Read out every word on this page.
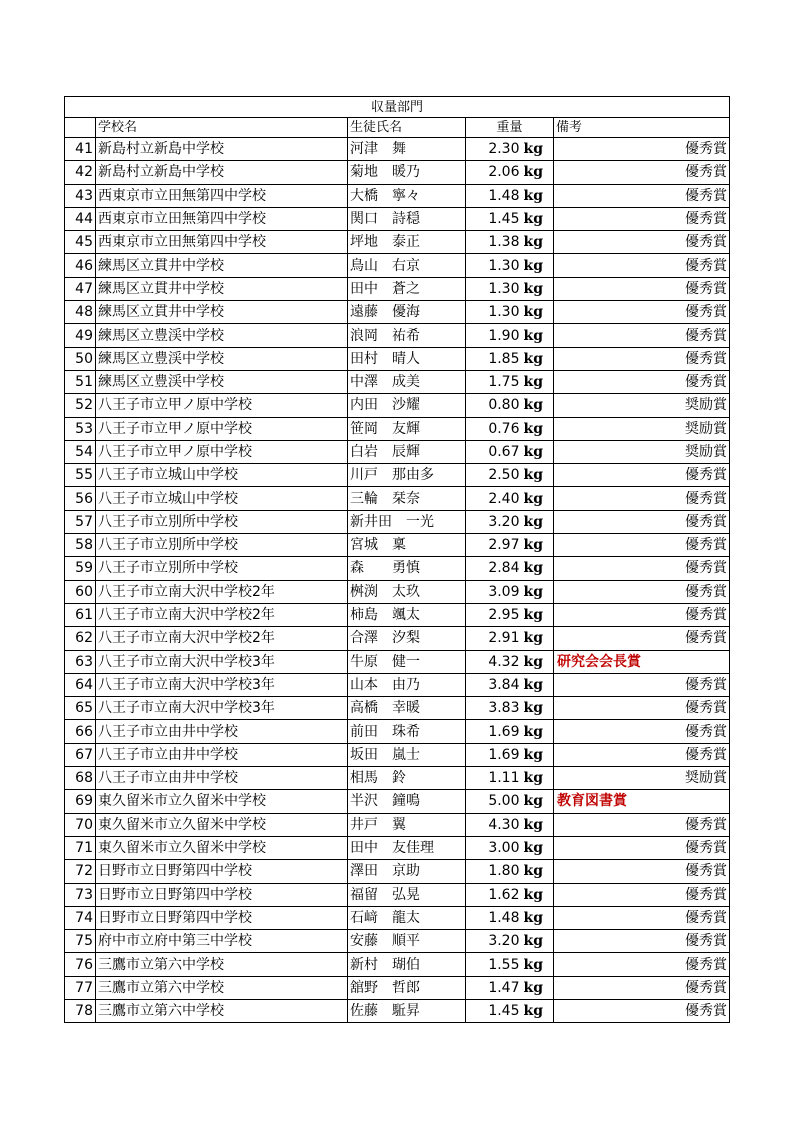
収量部門					
	学校名	生徒氏名	重量		備考
41	新島村立新島中学校	河津　舞	2.30	kg	優秀賞
42	新島村立新島中学校	菊地　暖乃	2.06	kg	優秀賞
43	西東京市立田無第四中学校	大橋　寧々	1.48	kg	優秀賞
44	西東京市立田無第四中学校	関口　詩穏	1.45	kg	優秀賞
45	西東京市立田無第四中学校	坪地　泰正	1.38	kg	優秀賞
46	練馬区立貫井中学校	鳥山　右京	1.30	kg	優秀賞
47	練馬区立貫井中学校	田中　蒼之	1.30	kg	優秀賞
48	練馬区立貫井中学校	遠藤　優海	1.30	kg	優秀賞
49	練馬区立豊渓中学校	浪岡　祐希	1.90	kg	優秀賞
50	練馬区立豊渓中学校	田村　晴人	1.85	kg	優秀賞
51	練馬区立豊渓中学校	中澤　成美	1.75	kg	優秀賞
52	八王子市立甲ノ原中学校	内田　沙耀	0.80	kg	奨励賞
53	八王子市立甲ノ原中学校	笹岡　友輝	0.76	kg	奨励賞
54	八王子市立甲ノ原中学校	白岩　辰輝	0.67	kg	奨励賞
55	八王子市立城山中学校	川戸　那由多	2.50	kg	優秀賞
56	八王子市立城山中学校	三輪　栞奈	2.40	kg	優秀賞
57	八王子市立別所中学校	新井田　一光	3.20	kg	優秀賞
58	八王子市立別所中学校	宮城　稟	2.97	kg	優秀賞
59	八王子市立別所中学校	森　　勇慎	2.84	kg	優秀賞
60	八王子市立南大沢中学校2年	桝渕　太玖	3.09	kg	優秀賞
61	八王子市立南大沢中学校2年	柿島　颯太	2.95	kg	優秀賞
62	八王子市立南大沢中学校2年	合澤　汐梨	2.91	kg	優秀賞
63	八王子市立南大沢中学校3年	牛原　健一	4.32	kg	研究会会長賞
64	八王子市立南大沢中学校3年	山本　由乃	3.84	kg	優秀賞
65	八王子市立南大沢中学校3年	高橋　幸暖	3.83	kg	優秀賞
66	八王子市立由井中学校	前田　珠希	1.69	kg	優秀賞
67	八王子市立由井中学校	坂田　嵐士	1.69	kg	優秀賞
68	八王子市立由井中学校	相馬　鈴	1.11	kg	奨励賞
69	東久留米市立久留米中学校	半沢　鐘鳴	5.00	kg	教育図書賞
70	東久留米市立久留米中学校	井戸　翼	4.30	kg	優秀賞
71	東久留米市立久留米中学校	田中　友佳理	3.00	kg	優秀賞
72	日野市立日野第四中学校	澤田　京助	1.80	kg	優秀賞
73	日野市立日野第四中学校	福留　弘晃	1.62	kg	優秀賞
74	日野市立日野第四中学校	石﨑　龍太	1.48	kg	優秀賞
75	府中市立府中第三中学校	安藤　順平	3.20	kg	優秀賞
76	三鷹市立第六中学校	新村　瑚伯	1.55	kg	優秀賞
77	三鷹市立第六中学校	舘野　哲郎	1.47	kg	優秀賞
78	三鷹市立第六中学校	佐藤　駈昇	1.45	kg	優秀賞
